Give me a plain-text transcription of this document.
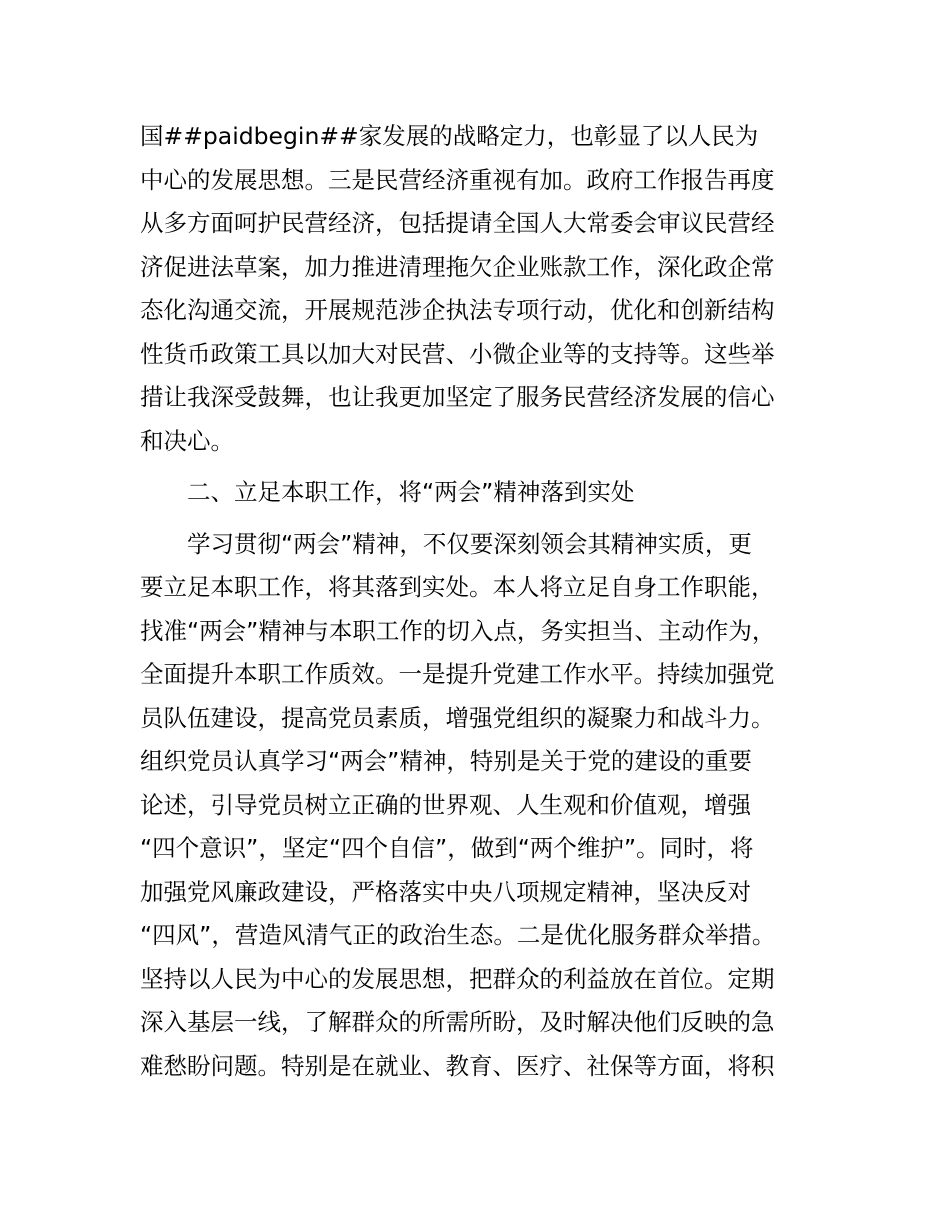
国##paidbegin##家发展的战略定力，也彰显了以人民为
中心的发展思想。三是民营经济重视有加。政府工作报告再度
从多方面呵护民营经济，包括提请全国人大常委会审议民营经
济促进法草案，加力推进清理拖欠企业账款工作，深化政企常
态化沟通交流，开展规范涉企执法专项行动，优化和创新结构
性货币政策工具以加大对民营、小微企业等的支持等。这些举
措让我深受鼓舞，也让我更加坚定了服务民营经济发展的信心
和决心。
　　二、立足本职工作，将“两会”精神落到实处
　　学习贯彻“两会”精神，不仅要深刻领会其精神实质，更
要立足本职工作，将其落到实处。本人将立足自身工作职能，
找准“两会”精神与本职工作的切入点，务实担当、主动作为，
全面提升本职工作质效。一是提升党建工作水平。持续加强党
员队伍建设，提高党员素质，增强党组织的凝聚力和战斗力。
组织党员认真学习“两会”精神，特别是关于党的建设的重要
论述，引导党员树立正确的世界观、人生观和价值观，增强
“四个意识”，坚定“四个自信”，做到“两个维护”。同时，将
加强党风廉政建设，严格落实中央八项规定精神，坚决反对
“四风”，营造风清气正的政治生态。二是优化服务群众举措。
坚持以人民为中心的发展思想，把群众的利益放在首位。定期
深入基层一线，了解群众的所需所盼，及时解决他们反映的急
难愁盼问题。特别是在就业、教育、医疗、社保等方面，将积
